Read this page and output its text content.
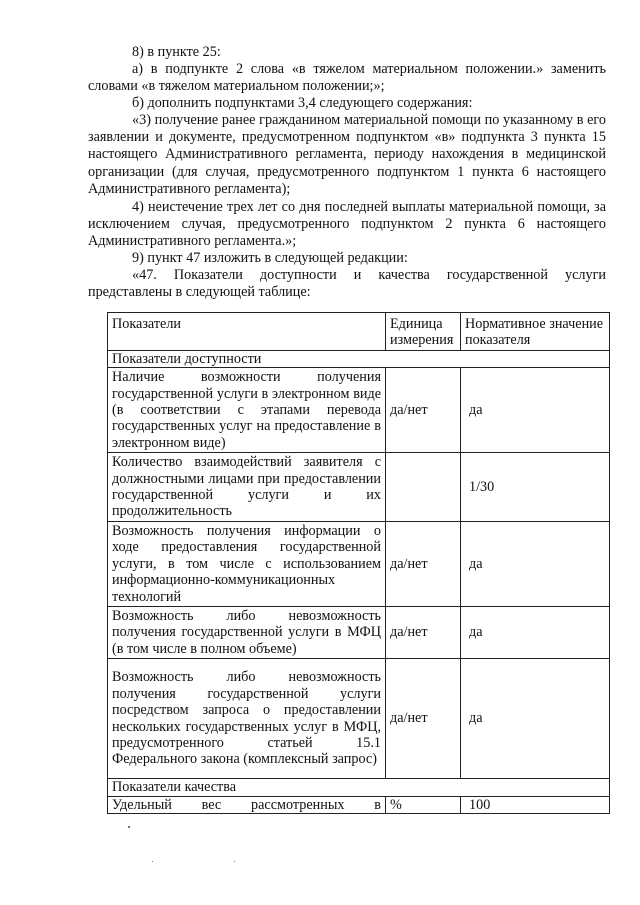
8) в пункте 25:
а) в подпункте 2 слова «в тяжелом материальном положении.» заменить словами «в тяжелом материальном положении;»;
б) дополнить подпунктами 3,4 следующего содержания:
«3) получение ранее гражданином материальной помощи по указанному в его заявлении и документе, предусмотренном подпунктом «в» подпункта 3 пункта 15 настоящего Административного регламента, периоду нахождения в медицинской организации (для случая, предусмотренного подпунктом 1 пункта 6 настоящего Административного регламента);
4) неистечение трех лет со дня последней выплаты материальной помощи, за исключением случая, предусмотренного подпунктом 2 пункта 6 настоящего Административного регламента.»;
9) пункт 47 изложить в следующей редакции:
«47. Показатели доступности и качества государственной услуги представлены в следующей таблице:
Показатели	Единица измерения	Нормативное значение показателя
Показатели доступности		
Наличие возможности получения государственной услуги в электронном виде (в соответствии с этапами перевода государственных услуг на предоставление в электронном виде)	да/нет	да
Количество взаимодействий заявителя с должностными лицами при предоставлении государственной услуги и их продолжительность		1/30
Возможность получения информации о ходе предоставления государственной услуги, в том числе с использованием информационно-коммуникационных технологий	да/нет	да
Возможность либо невозможность получения государственной услуги в МФЦ (в том числе в полном объеме)	да/нет	да
Возможность либо невозможность получения государственной услуги посредством запроса о предоставлении нескольких государственных услуг в МФЦ, предусмотренного статьей 15.1 Федерального закона (комплексный запрос)	да/нет	да
Показатели качества		

Удельный вес рассмотренных в	%	100
